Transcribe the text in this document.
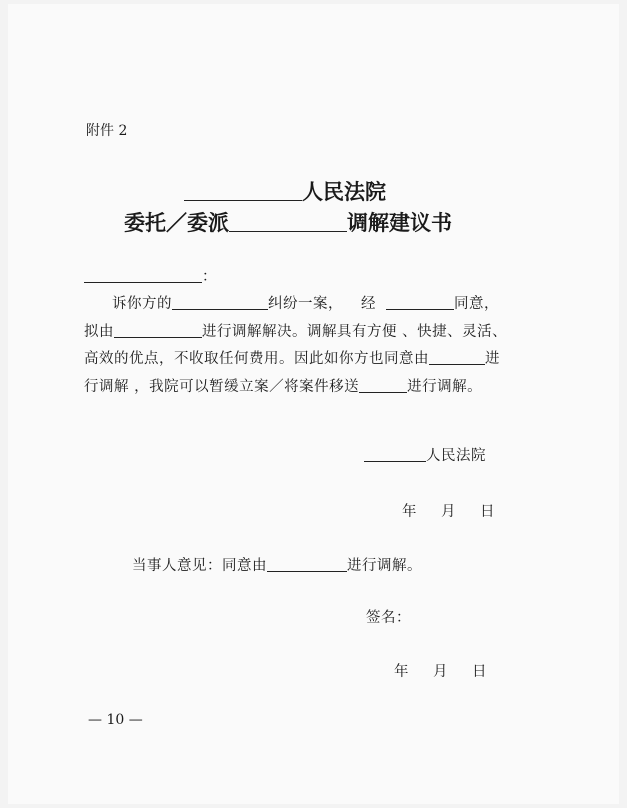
附件 2
人民法院
委托／委派	调解建议书
：
诉你方的	纠纷一案， 经	同意，
拟由	进行调解解决。调解具有方便 、快捷、灵活、
高效的优点，不收取任何费用。因此如你方也同意由	进
行调解 ，我院可以暂缓立案／将案件移送	进行调解。
人民法院
年 月 日
当事人意见：同意由	进行调解。
签名：
年 月 日
— 10 —
